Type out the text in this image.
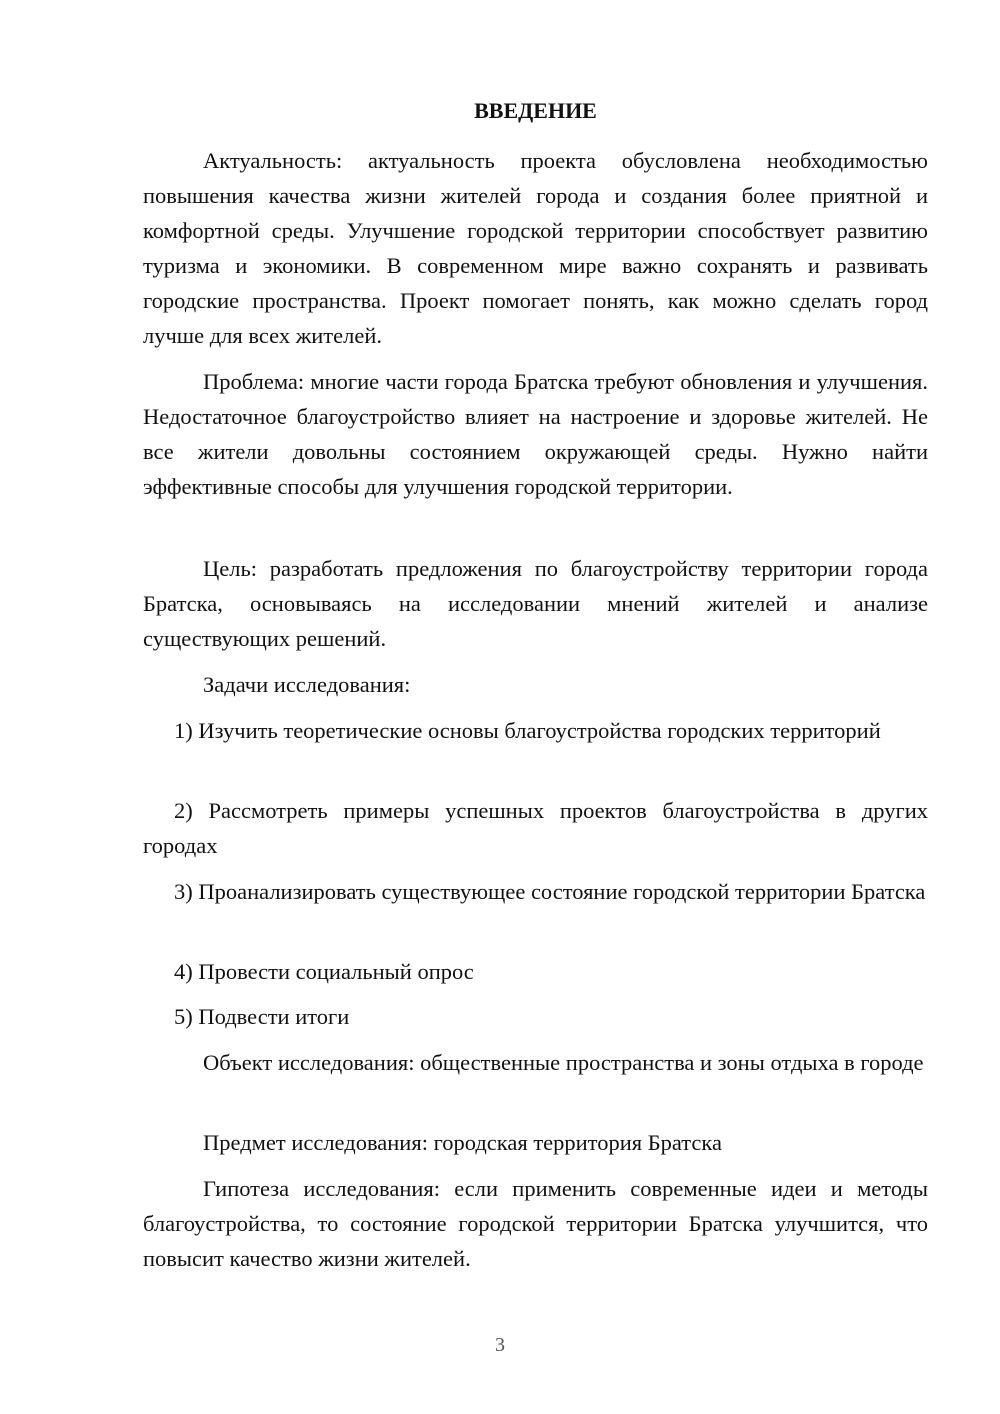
ВВЕДЕНИЕ

Актуальность: актуальность проекта обусловлена необходимостью повышения качества жизни жителей города и создания более приятной и комфортной среды. Улучшение городской территории способствует развитию туризма и экономики. В современном мире важно сохранять и развивать городские пространства. Проект помогает понять, как можно сделать город лучше для всех жителей.

Проблема: многие части города Братска требуют обновления и улучшения. Недостаточное благоустройство влияет на настроение и здоровье жителей. Не все жители довольны состоянием окружающей среды. Нужно найти эффективные способы для улучшения городской территории.

Цель: разработать предложения по благоустройству территории города Братска, основываясь на исследовании мнений жителей и анализе существующих решений.

Задачи исследования:

1) Изучить теоретические основы благоустройства городских территорий

2) Рассмотреть примеры успешных проектов благоустройства в других городах

3) Проанализировать существующее состояние городской территории Братска

4) Провести социальный опрос

5) Подвести итоги

Объект исследования: общественные пространства и зоны отдыха в городе

Предмет исследования: городская территория Братска

Гипотеза исследования: если применить современные идеи и методы благоустройства, то состояние городской территории Братска улучшится, что повысит качество жизни жителей.

3
